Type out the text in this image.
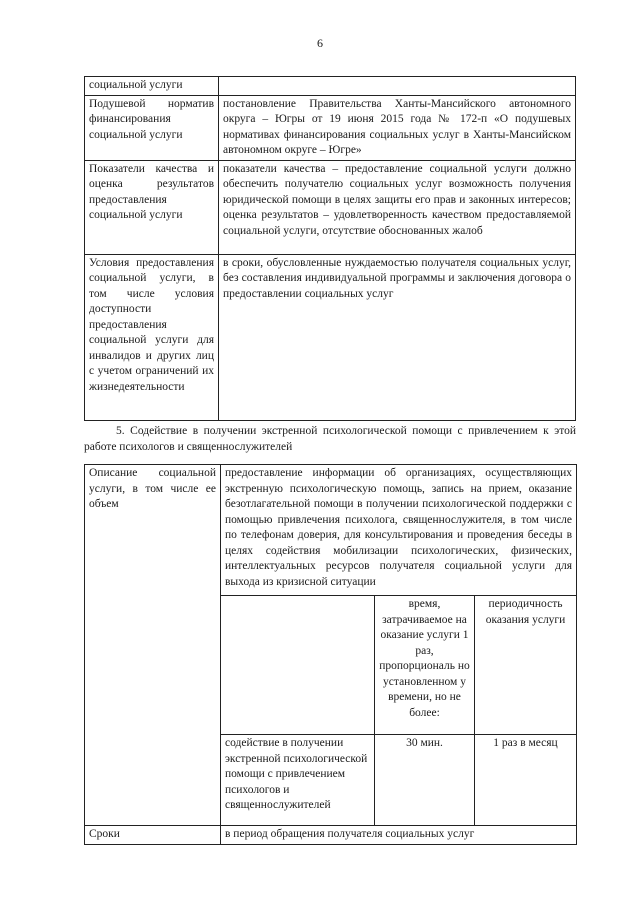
6
социальной услуги	
Подушевой норматив финансирования социальной услуги	постановление Правительства Ханты-Мансийского автономного округа – Югры от 19 июня 2015 года № 172-п «О подушевых нормативах финансирования социальных услуг в Ханты-Мансийском автономном округе – Югре»
Показатели качества и оценка результатов предоставления социальной услуги	показатели качества – предоставление социальной услуги должно обеспечить получателю социальных услуг возможность получения юридической помощи в целях защиты его прав и законных интересов; оценка результатов – удовлетворенность качеством предоставляемой социальной услуги, отсутствие обоснованных жалоб
Условия предоставления социальной услуги, в том числе условия доступности предоставления социальной услуги для инвалидов и других лиц с учетом ограничений их жизнедеятельности	в сроки, обусловленные нуждаемостью получателя социальных услуг, без составления индивидуальной программы и заключения договора о предоставлении социальных услуг
5. Содействие в получении экстренной психологической помощи с привлечением к этой работе психологов и священнослужителей
Описание социальной услуги, в том числе ее объем	предоставление информации об организациях, осуществляющих экстренную психологическую помощь, запись на прием, оказание безотлагательной помощи в получении психологической поддержки с помощью привлечения психолога, священнослужителя, в том числе по телефонам доверия, для консультирования и проведения беседы в целях содействия мобилизации психологических, физических, интеллектуальных ресурсов получателя социальной услуги для выхода из кризисной ситуации		
		время, затрачиваемое на оказание услуги 1 раз, пропорциональ но установленном у времени, но не более:	периодичность оказания услуги
	содействие в получении экстренной психологической помощи с привлечением психологов и священнослужителей	30 мин.	1 раз в месяц
Сроки	в период обращения получателя социальных услуг		
